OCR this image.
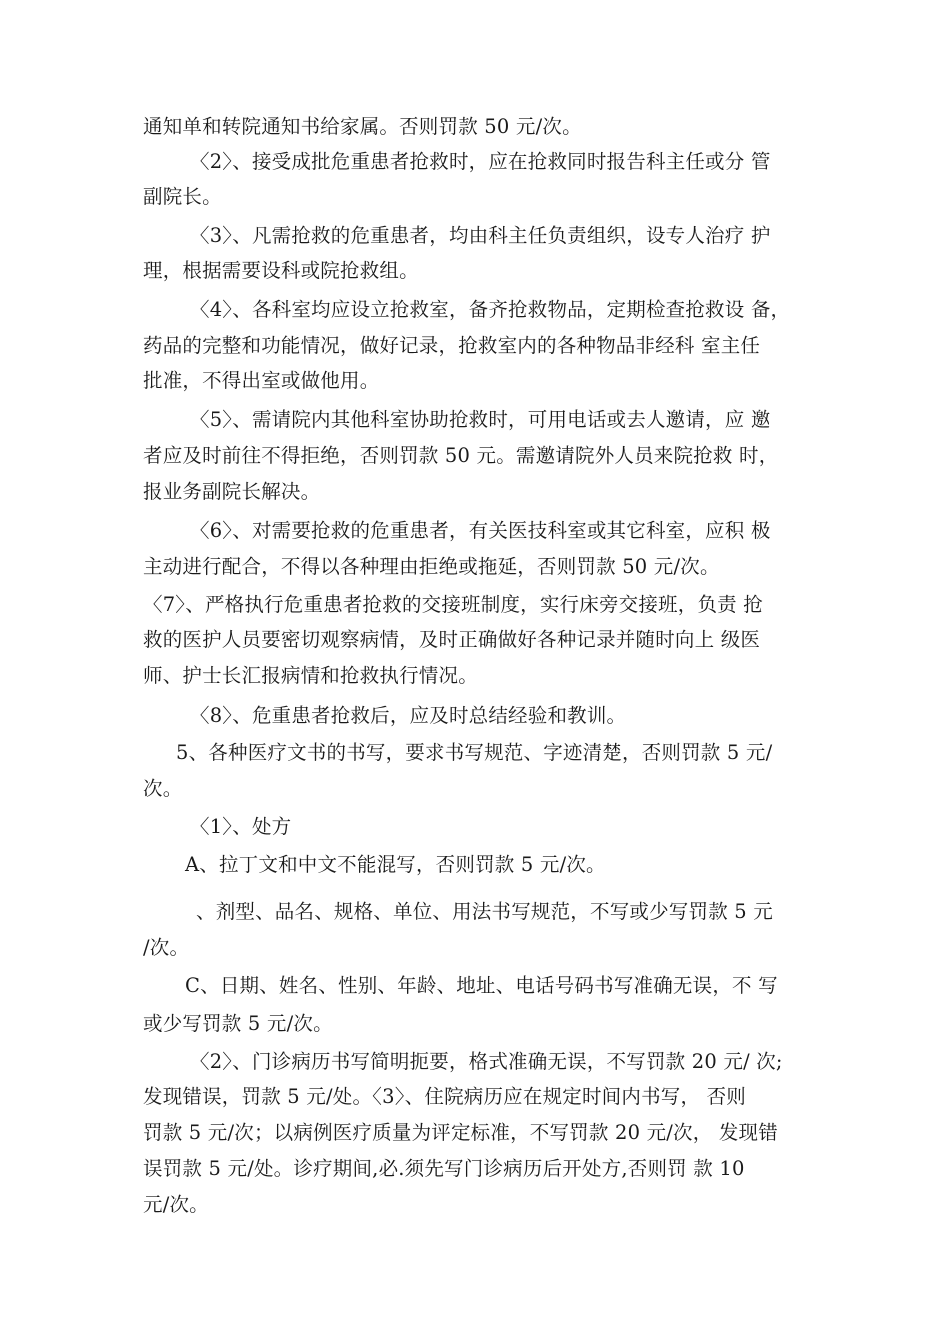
通知单和转院通知书给家属。否则罚款 50 元/次。
〈2〉、接受成批危重患者抢救时，应在抢救同时报告科主任或分 管
副院长。
〈3〉、凡需抢救的危重患者，均由科主任负责组织，设专人治疗 护
理，根据需要设科或院抢救组。
〈4〉、各科室均应设立抢救室，备齐抢救物品，定期检查抢救设 备，
药品的完整和功能情况，做好记录，抢救室内的各种物品非经科 室主任
批准，不得出室或做他用。
〈5〉、需请院内其他科室协助抢救时，可用电话或去人邀请，应 邀
者应及时前往不得拒绝，否则罚款 50 元。需邀请院外人员来院抢救 时，
报业务副院长解决。
〈6〉、对需要抢救的危重患者，有关医技科室或其它科室，应积 极
主动进行配合，不得以各种理由拒绝或拖延，否则罚款 50 元/次。
〈7〉、严格执行危重患者抢救的交接班制度，实行床旁交接班，负责 抢
救的医护人员要密切观察病情，及时正确做好各种记录并随时向上 级医
师、护士长汇报病情和抢救执行情况。
〈8〉、危重患者抢救后，应及时总结经验和教训。
5、各种医疗文书的书写，要求书写规范、字迹清楚，否则罚款 5 元/
次。
〈1〉、处方
A、拉丁文和中文不能混写，否则罚款 5 元/次。
、剂型、品名、规格、单位、用法书写规范，不写或少写罚款 5 元
/次。
C、日期、姓名、性别、年龄、地址、电话号码书写准确无误，不 写
或少写罚款 5 元/次。
〈2〉、门诊病历书写简明扼要，格式准确无误，不写罚款 20 元/ 次;
发现错误，罚款 5 元/处。〈3〉、住院病历应在规定时间内书写， 否则
罚款 5 元/次；以病例医疗质量为评定标准，不写罚款 20 元/次， 发现错
误罚款 5 元/处。诊疗期间,必.须先写门诊病历后开处方,否则罚 款 10
元/次。
